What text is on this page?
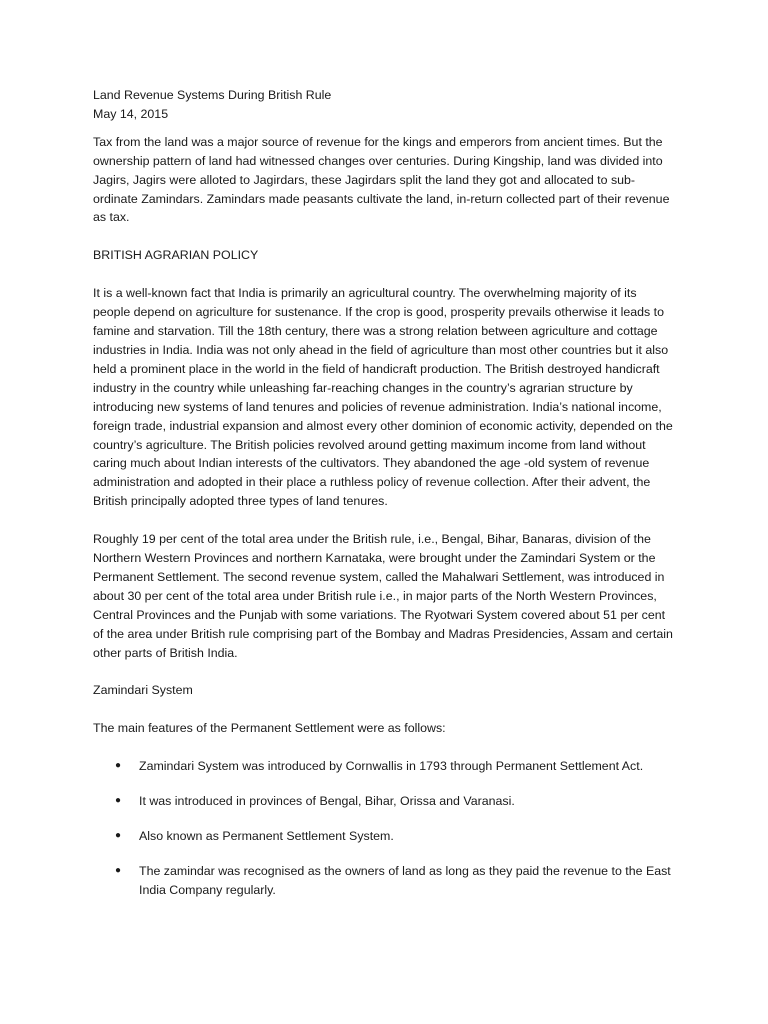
Land Revenue Systems During British Rule

May 14, 2015

Tax from the land was a major source of revenue for the kings and emperors from ancient times. But the ownership pattern of land had witnessed changes over centuries. During Kingship, land was divided into Jagirs, Jagirs were alloted to Jagirdars, these Jagirdars split the land they got and allocated to sub-ordinate Zamindars. Zamindars made peasants cultivate the land, in-return collected part of their revenue as tax.

BRITISH AGRARIAN POLICY

It is a well-known fact that India is primarily an agricultural country. The overwhelming majority of its people depend on agriculture for sustenance. If the crop is good, prosperity prevails otherwise it leads to famine and starvation. Till the 18th century, there was a strong relation between agriculture and cottage industries in India. India was not only ahead in the field of agriculture than most other countries but it also held a prominent place in the world in the field of handicraft production. The British destroyed handicraft industry in the country while unleashing far-reaching changes in the country’s agrarian structure by introducing new systems of land tenures and policies of revenue administration. India’s national income, foreign trade, industrial expansion and almost every other dominion of economic activity, depended on the country’s agriculture. The British policies revolved around getting maximum income from land without caring much about Indian interests of the cultivators. They abandoned the age -old system of revenue administration and adopted in their place a ruthless policy of revenue collection. After their advent, the British principally adopted three types of land tenures.

Roughly 19 per cent of the total area under the British rule, i.e., Bengal, Bihar, Banaras, division of the Northern Western Provinces and northern Karnataka, were brought under the Zamindari System or the Permanent Settlement. The second revenue system, called the Mahalwari Settlement, was introduced in about 30 per cent of the total area under British rule i.e., in major parts of the North Western Provinces, Central Provinces and the Punjab with some variations. The Ryotwari System covered about 51 per cent of the area under British rule comprising part of the Bombay and Madras Presidencies, Assam and certain other parts of British India.

Zamindari System

The main features of the Permanent Settlement were as follows:

● Zamindari System was introduced by Cornwallis in 1793 through Permanent Settlement Act.
● It was introduced in provinces of Bengal, Bihar, Orissa and Varanasi.
● Also known as Permanent Settlement System.
● The zamindar was recognised as the owners of land as long as they paid the revenue to the East India Company regularly.
